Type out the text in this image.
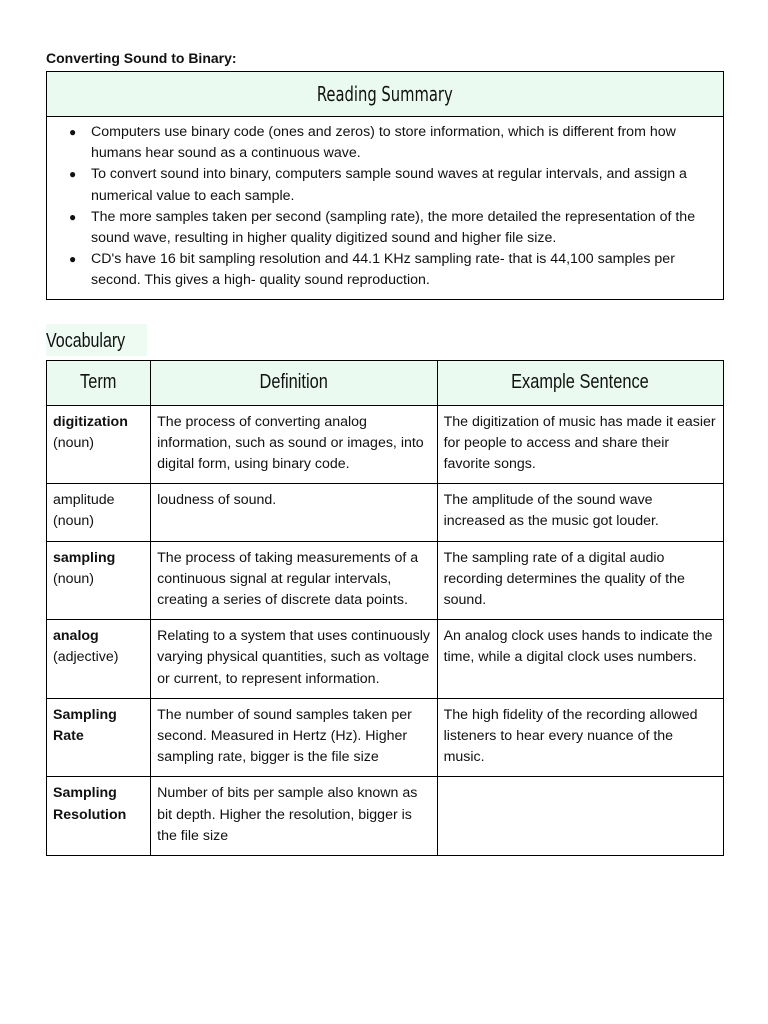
Converting Sound to Binary:
Reading Summary

● Computers use binary code (ones and zeros) to store information, which is different from how humans hear sound as a continuous wave.
● To convert sound into binary, computers sample sound waves at regular intervals, and assign a numerical value to each sample.
● The more samples taken per second (sampling rate), the more detailed the representation of the sound wave, resulting in higher quality digitized sound and higher file size.
● CD's have 16 bit sampling resolution and 44.1 KHz sampling rate- that is 44,100 samples per second. This gives a high- quality sound reproduction.
Vocabulary
Term	Definition	Example Sentence
digitization
(noun)	The process of converting analog information, such as sound or images, into digital form, using binary code.	The digitization of music has made it easier for people to access and share their favorite songs.
amplitude (noun)	loudness of sound.	The amplitude of the sound wave increased as the music got louder.
sampling
(noun)	The process of taking measurements of a continuous signal at regular intervals, creating a series of discrete data points.	The sampling rate of a digital audio recording determines the quality of the sound.
analog
(adjective)	Relating to a system that uses continuously varying physical quantities, such as voltage or current, to represent information.	An analog clock uses hands to indicate the time, while a digital clock uses numbers.
Sampling Rate	The number of sound samples taken per second. Measured in Hertz (Hz). Higher sampling rate, bigger is the file size	The high fidelity of the recording allowed listeners to hear every nuance of the music.
Sampling Resolution	Number of bits per sample also known as bit depth. Higher the resolution, bigger is the file size	
